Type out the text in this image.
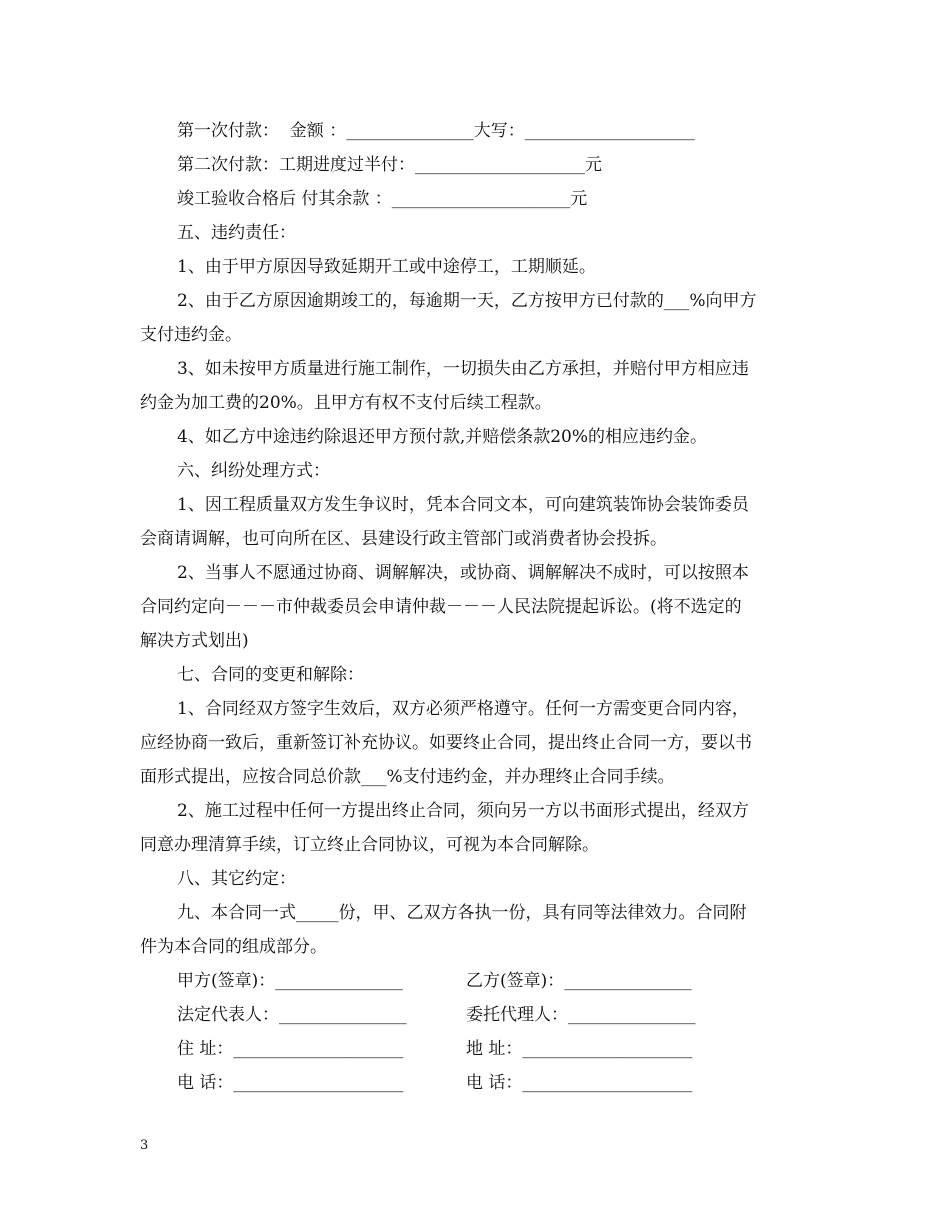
第一次付款：  金额 ：_______________大写：____________________
第二次付款：工期进度过半付：____________________元
竣工验收合格后 付其余款 ：_____________________元
五、违约责任：
1、由于甲方原因导致延期开工或中途停工，工期顺延。
2、由于乙方原因逾期竣工的，每逾期一天，乙方按甲方已付款的___%向甲方
支付违约金。
3、如未按甲方质量进行施工制作，一切损失由乙方承担，并赔付甲方相应违
约金为加工费的20%。且甲方有权不支付后续工程款。
4、如乙方中途违约除退还甲方预付款,并赔偿条款20%的相应违约金。
六、纠纷处理方式：
1、因工程质量双方发生争议时，凭本合同文本，可向建筑装饰协会装饰委员
会商请调解，也可向所在区、县建设行政主管部门或消费者协会投拆。
2、当事人不愿通过协商、调解解决，或协商、调解解决不成时，可以按照本
合同约定向－－－市仲裁委员会申请仲裁－－－人民法院提起诉讼。(将不选定的
解决方式划出)
七、合同的变更和解除：
1、合同经双方签字生效后，双方必须严格遵守。任何一方需变更合同内容，
应经协商一致后，重新签订补充协议。如要终止合同，提出终止合同一方，要以书
面形式提出，应按合同总价款___%支付违约金，并办理终止合同手续。
2、施工过程中任何一方提出终止合同，须向另一方以书面形式提出，经双方
同意办理清算手续，订立终止合同协议，可视为本合同解除。
八、其它约定：
九、本合同一式_____份，甲、乙双方各执一份，具有同等法律效力。合同附
件为本合同的组成部分。
甲方(签章)：_______________	乙方(签章)：_______________
法定代表人：_______________	委托代理人：_______________
住 址：____________________	地 址：____________________
电 话：____________________	电 话：____________________
3
